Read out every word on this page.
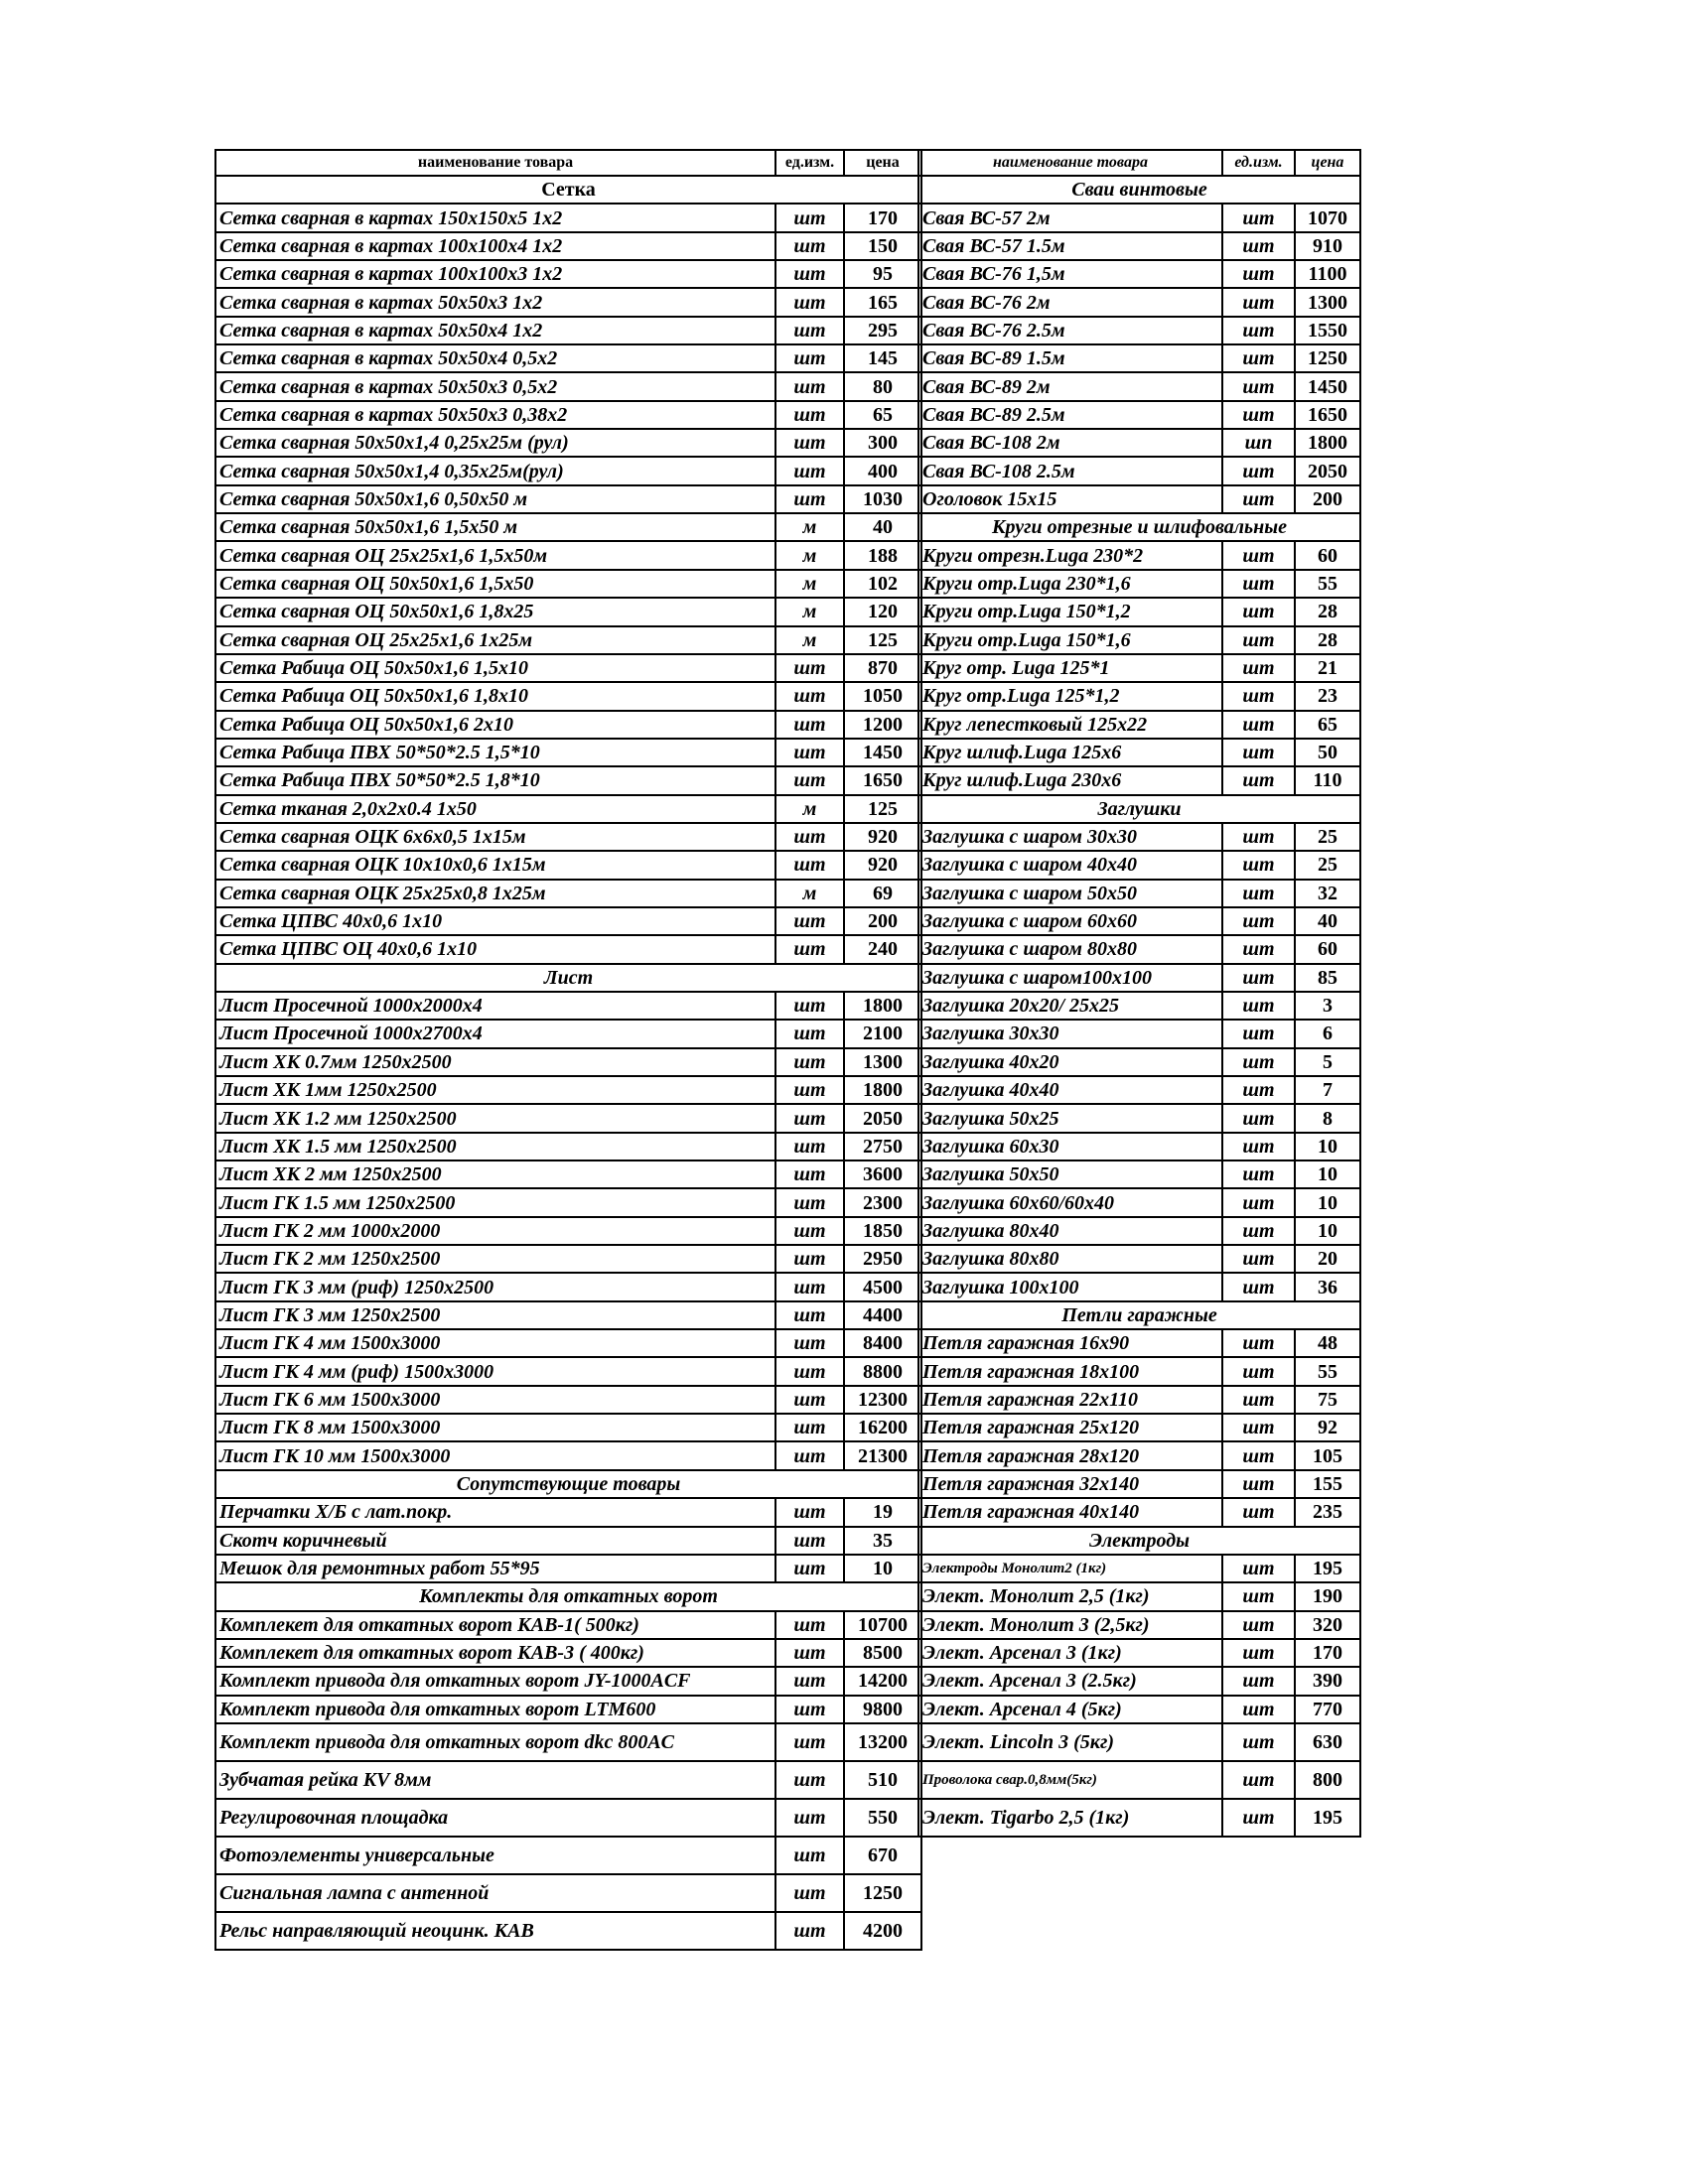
наименование товара	ед.изм.	цена
Сетка		
Сетка сварная в картах 150х150х5 1х2	шт	170
Сетка сварная в картах 100х100х4 1х2	шт	150
Сетка сварная в картах 100х100х3 1х2	шт	95
Сетка сварная в картах 50х50х3 1х2	шт	165
Сетка сварная в картах 50х50х4 1х2	шт	295
Сетка сварная в картах 50х50х4 0,5х2	шт	145
Сетка сварная в картах 50х50х3 0,5х2	шт	80
Сетка сварная в картах 50х50х3 0,38х2	шт	65
Сетка сварная 50х50х1,4 0,25х25м (рул)	шт	300
Сетка сварная 50х50х1,4 0,35х25м(рул)	шт	400
Сетка сварная 50х50х1,6 0,50х50 м	шт	1030
Сетка сварная 50х50х1,6 1,5х50 м	м	40
Сетка сварная ОЦ 25х25х1,6 1,5х50м	м	188
Сетка сварная ОЦ 50х50х1,6 1,5х50	м	102
Сетка сварная ОЦ 50х50х1,6 1,8х25	м	120
Сетка сварная ОЦ 25х25х1,6 1х25м	м	125
Сетка Рабица ОЦ 50х50х1,6 1,5х10	шт	870
Сетка Рабица ОЦ 50х50х1,6 1,8х10	шт	1050
Сетка Рабица ОЦ 50х50х1,6 2х10	шт	1200
Сетка Рабица ПВХ 50*50*2.5 1,5*10	шт	1450
Сетка Рабица ПВХ 50*50*2.5 1,8*10	шт	1650
Сетка тканая 2,0х2х0.4 1х50	м	125
Сетка сварная ОЦК 6х6х0,5 1х15м	шт	920
Сетка сварная ОЦК 10х10х0,6 1х15м	шт	920
Сетка сварная ОЦК 25х25х0,8 1х25м	м	69
Сетка ЦПВС 40х0,6 1х10	шт	200
Сетка ЦПВС ОЦ 40х0,6 1х10	шт	240
Лист		
Лист Просечной 1000х2000х4	шт	1800
Лист Просечной 1000х2700х4	шт	2100
Лист ХК 0.7мм 1250х2500	шт	1300
Лист ХК 1мм 1250х2500	шт	1800
Лист ХК 1.2 мм 1250х2500	шт	2050
Лист ХК 1.5 мм 1250х2500	шт	2750
Лист ХК 2 мм 1250х2500	шт	3600
Лист ГК 1.5 мм 1250х2500	шт	2300
Лист ГК 2 мм 1000х2000	шт	1850
Лист ГК 2 мм 1250х2500	шт	2950
Лист ГК 3 мм (риф) 1250х2500	шт	4500
Лист ГК 3 мм 1250х2500	шт	4400
Лист ГК 4 мм 1500х3000	шт	8400
Лист ГК 4 мм (риф) 1500х3000	шт	8800
Лист ГК 6 мм 1500х3000	шт	12300
Лист ГК 8 мм 1500х3000	шт	16200
Лист ГК 10 мм 1500х3000	шт	21300
Сопутствующие товары		
Перчатки Х/Б с лат.покр.	шт	19
Скотч коричневый	шт	35
Мешок для ремонтных работ 55*95	шт	10
Комплекты для откатных ворот		
Комплекет для откатных ворот КАВ-1( 500кг)	шт	10700
Комплекет для откатных ворот КАВ-3 ( 400кг)	шт	8500
Комплект привода для откатных ворот JY-1000ACF	шт	14200
Комплект привода для откатных ворот LTM600	шт	9800
Комплект привода для откатных ворот dkc 800AC	шт	13200
Зубчатая рейка KV 8мм	шт	510
Регулировочная площадка	шт	550
Фотоэлементы универсальные	шт	670
Сигнальная лампа с антенной	шт	1250
Рельс направляющий неоцинк. КАВ	шт	4200
наименование товара	ед.изм.	цена
Сваи винтовые		
Свая ВС-57 2м	шт	1070
Свая ВС-57 1.5м	шт	910
Свая ВС-76 1,5м	шт	1100
Свая ВС-76 2м	шт	1300
Свая ВС-76 2.5м	шт	1550
Свая ВС-89 1.5м	шт	1250
Свая ВС-89 2м	шт	1450
Свая ВС-89 2.5м	шт	1650
Свая ВС-108 2м	шп	1800
Свая ВС-108 2.5м	шт	2050
Оголовок 15х15	шт	200
Круги отрезные и шлифовальные		
Круги отрезн.Luga 230*2	шт	60
Круги отр.Luga 230*1,6	шт	55
Круги отр.Luga 150*1,2	шт	28
Круги отр.Luga 150*1,6	шт	28
Круг отр. Luga 125*1	шт	21
Круг отр.Luga 125*1,2	шт	23
Круг лепестковый 125х22	шт	65
Круг шлиф.Luga 125х6	шт	50
Круг шлиф.Luga 230х6	шт	110
Заглушки		
Заглушка с шаром 30х30	шт	25
Заглушка с шаром 40х40	шт	25
Заглушка с шаром 50х50	шт	32
Заглушка с шаром 60х60	шт	40
Заглушка с шаром 80х80	шт	60
Заглушка с шаром100х100	шт	85
Заглушка 20х20/ 25х25	шт	3
Заглушка 30х30	шт	6
Заглушка 40х20	шт	5
Заглушка 40х40	шт	7
Заглушка 50х25	шт	8
Заглушка 60х30	шт	10
Заглушка 50х50	шт	10
Заглушка 60х60/60х40	шт	10
Заглушка 80х40	шт	10
Заглушка 80х80	шт	20
Заглушка 100х100	шт	36
Петли гаражные		
Петля гаражная 16х90	шт	48
Петля гаражная 18х100	шт	55
Петля гаражная 22х110	шт	75
Петля гаражная 25х120	шт	92
Петля гаражная 28х120	шт	105
Петля гаражная 32х140	шт	155
Петля гаражная 40х140	шт	235
Электроды		
Электроды Монолит2 (1кг)	шт	195
Элект. Монолит 2,5 (1кг)	шт	190
Элект. Монолит 3 (2,5кг)	шт	320
Элект. Арсенал 3 (1кг)	шт	170
Элект. Арсенал 3 (2.5кг)	шт	390
Элект. Арсенал 4 (5кг)	шт	770
Элект. Lincoln 3 (5кг)	шт	630
Проволока свар.0,8мм(5кг)	шт	800
Элект. Tigarbo 2,5 (1кг)	шт	195
